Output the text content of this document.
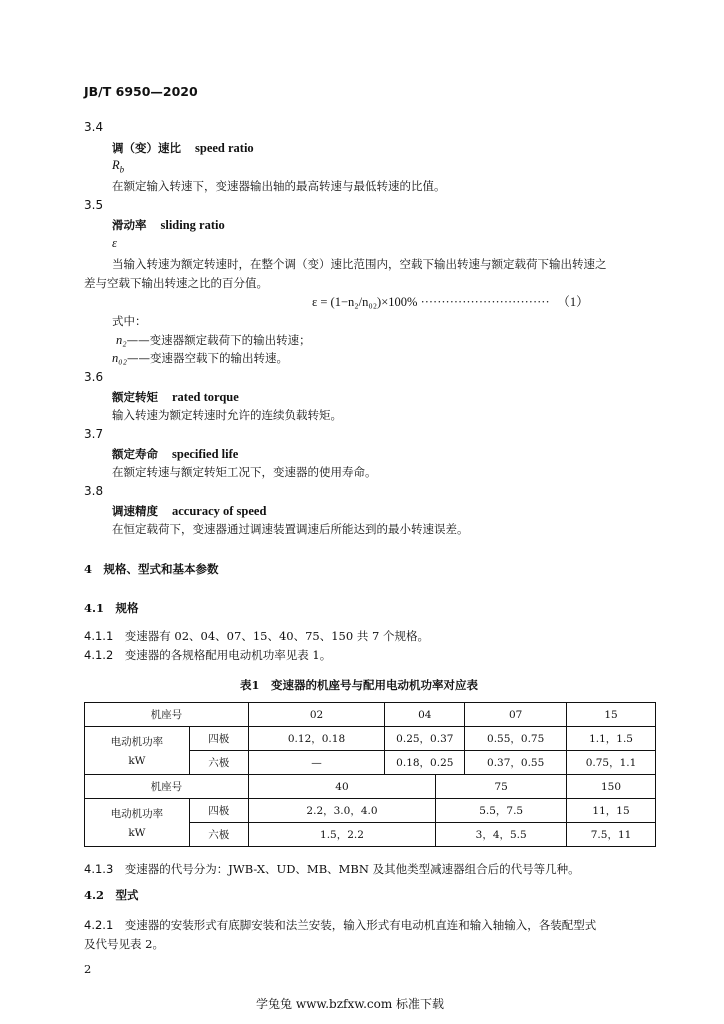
JB/T 6950—2020
3.4
调（变）速比 speed ratio
$R_b$
在额定输入转速下，变速器输出轴的最高转速与最低转速的比值。
3.5
滑动率 sliding ratio
ε
当输入转速为额定转速时，在整个调（变）速比范围内，空载下输出转速与额定载荷下输出转速之
差与空载下输出转速之比的百分值。
ε = (1−n₂/n₀₂)×100% ······························· （1）
式中：
n₂——变速器额定载荷下的输出转速；
n₀₂——变速器空载下的输出转速。
3.6
额定转矩 rated torque
输入转速为额定转速时允许的连续负载转矩。
3.7
额定寿命 specified life
在额定转速与额定转矩工况下，变速器的使用寿命。
3.8
调速精度 accuracy of speed
在恒定载荷下，变速器通过调速装置调速后所能达到的最小转速误差。
4　规格、型式和基本参数
4.1　规格
4.1.1　 变速器有 02、04、07、15、40、75、150 共 7 个规格。
4.1.2　 变速器的各规格配用电动机功率见表 1。
表1　变速器的机座号与配用电动机功率对应表
机座号		02	04		07	15

电动机功率
kW	四极	0.12，0.18	0.25，0.37		0.55，0.75	1.1，1.5
	六极	—	0.18，0.25		0.37，0.55	0.75，1.1
机座号		40		75		150

电动机功率
kW	四极	2.2，3.0，4.0		5.5，7.5		11，15
	六极	1.5，2.2		3，4，5.5		7.5，11
4.1.3　 变速器的代号分为：JWB-X、UD、MB、MBN 及其他类型减速器组合后的代号等几种。
4.2　型式
4.2.1　 变速器的安装形式有底脚安装和法兰安装，输入形式有电动机直连和输入轴输入，各装配型式
及代号见表 2。
2
学兔兔 www.bzfxw.com 标准下载
